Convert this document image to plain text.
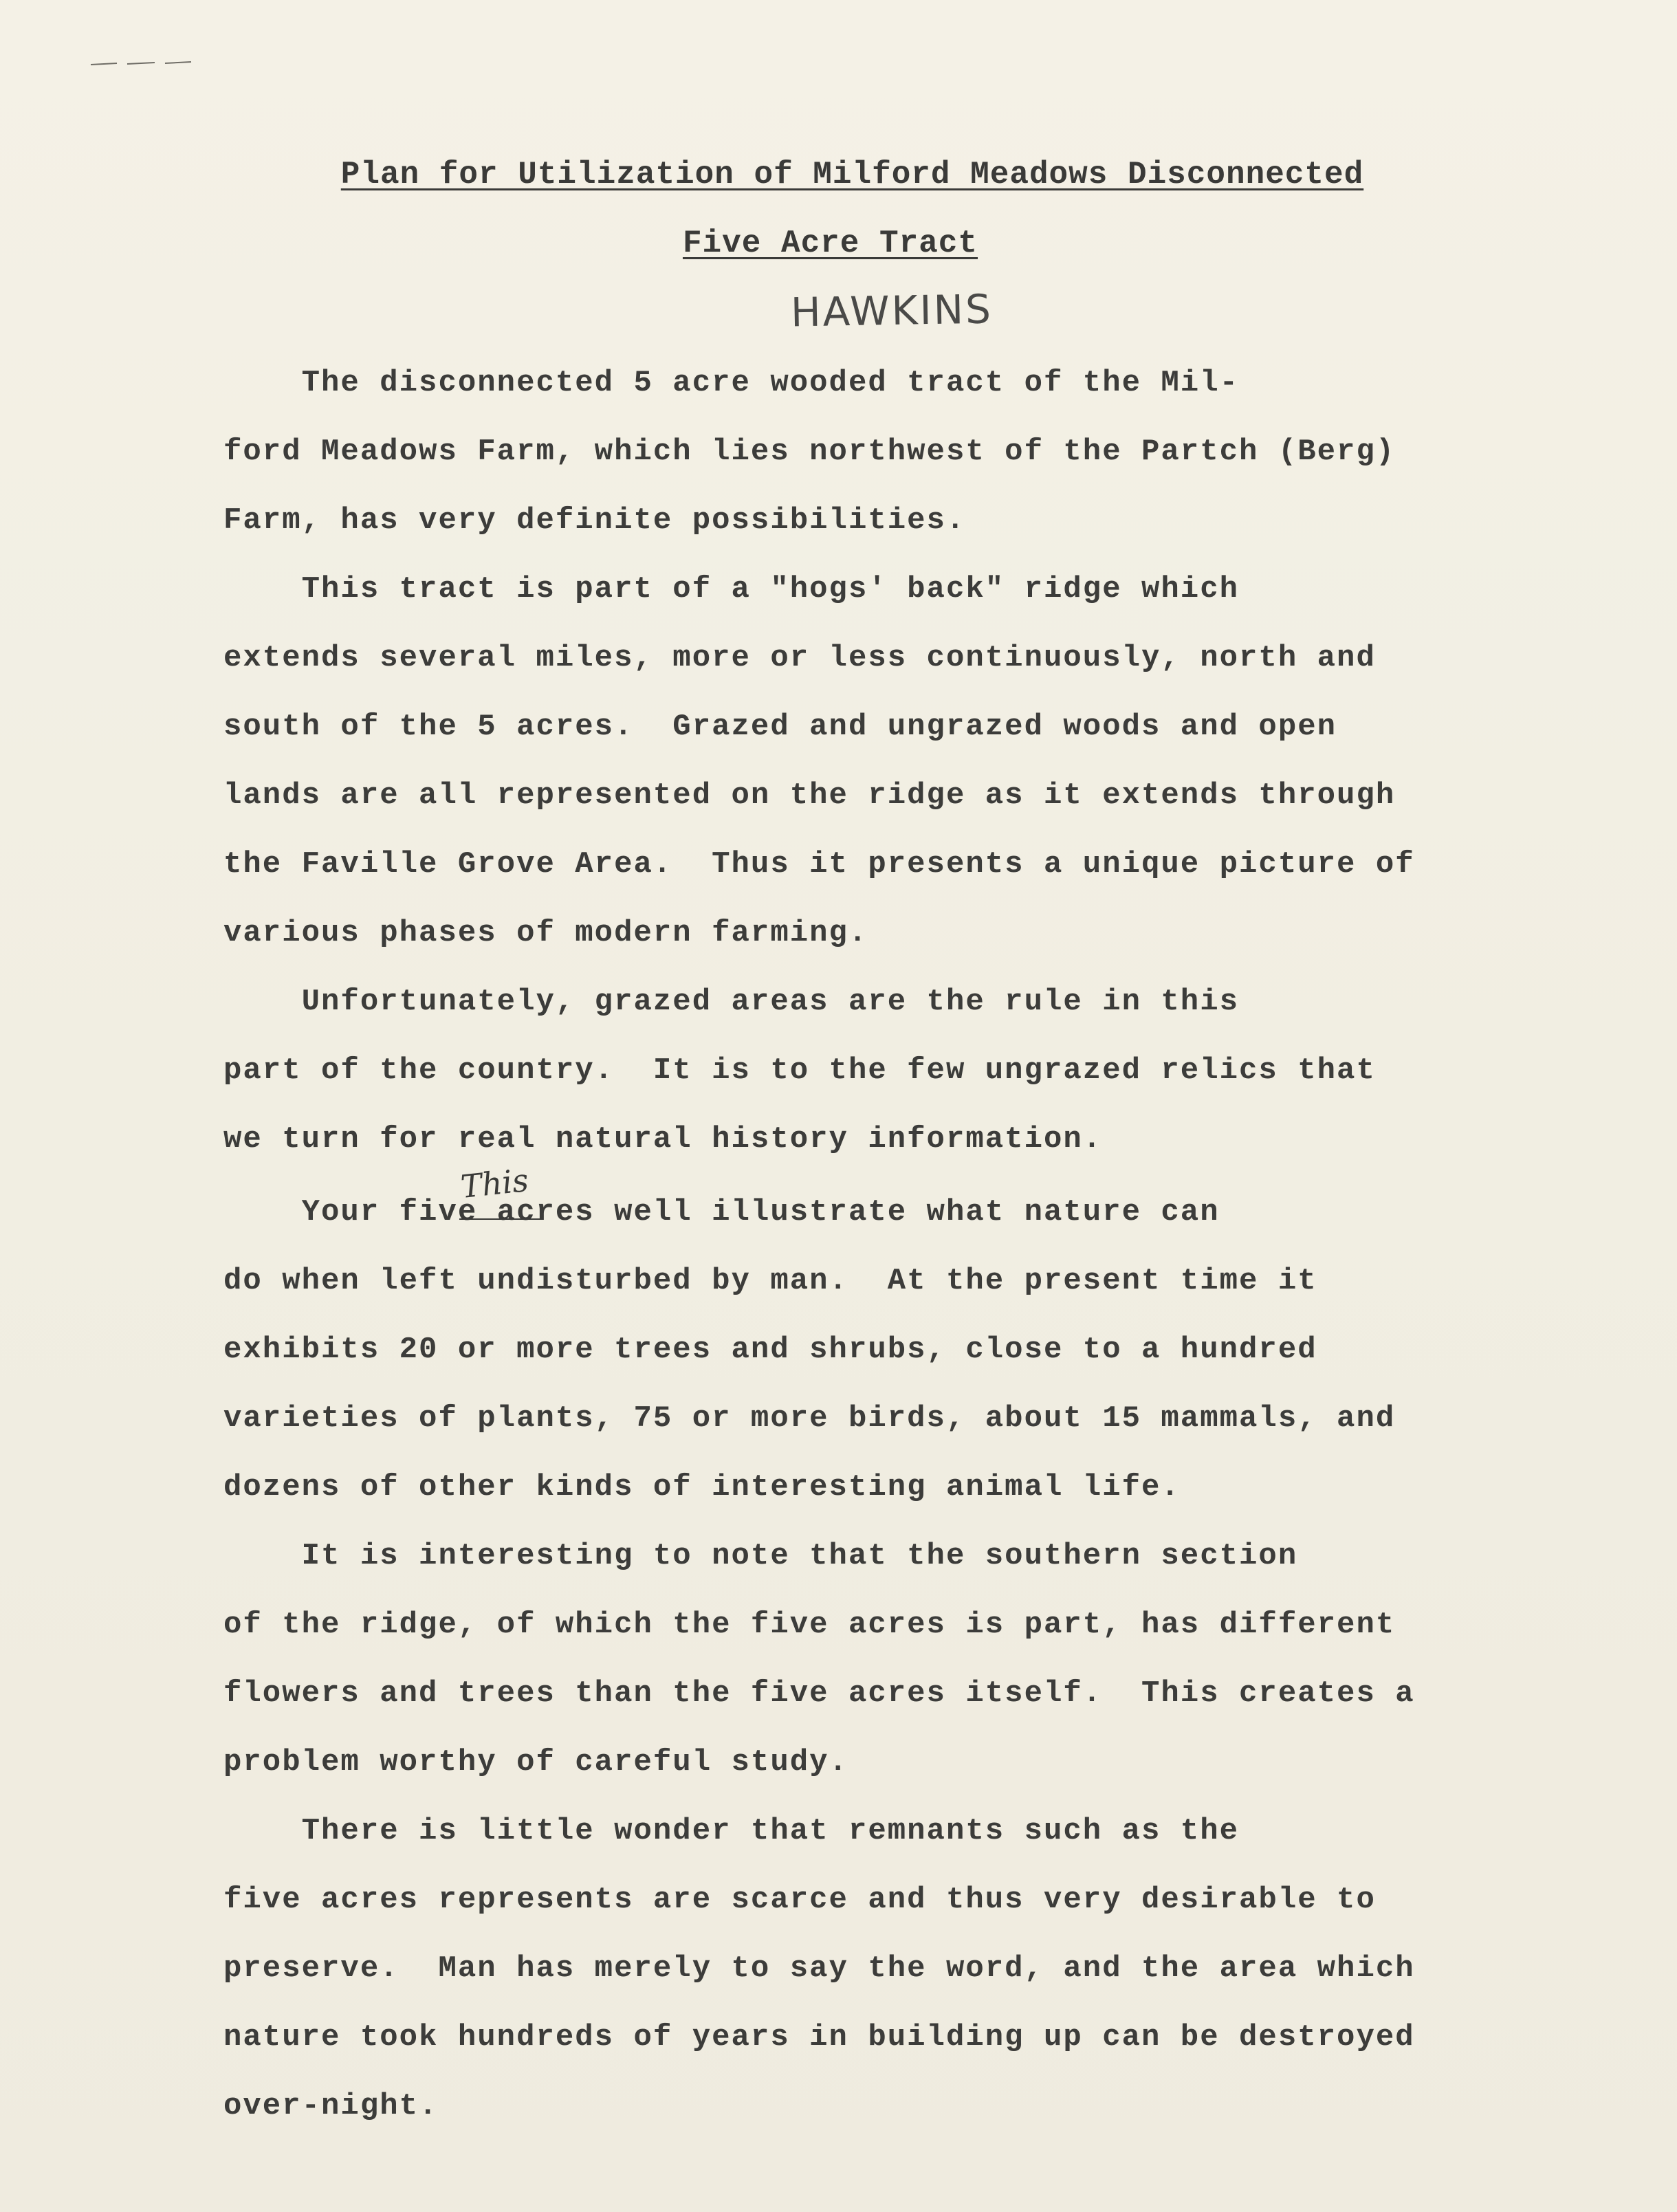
Plan for Utilization of Milford Meadows Disconnected
Five Acre Tract
HAWKINS
The disconnected 5 acre wooded tract of the Mil-
ford Meadows Farm, which lies northwest of the Partch (Berg)
Farm, has very definite possibilities.
This tract is part of a "hogs' back" ridge which
extends several miles, more or less continuously, north and
south of the 5 acres.  Grazed and ungrazed woods and open
lands are all represented on the ridge as it extends through
the Faville Grove Area.  Thus it presents a unique picture of
various phases of modern farming.
Unfortunately, grazed areas are the rule in this
part of the country.  It is to the few ungrazed relics that
we turn for real natural history information.
This
Your five acres well illustrate what nature can
do when left undisturbed by man.  At the present time it
exhibits 20 or more trees and shrubs, close to a hundred
varieties of plants, 75 or more birds, about 15 mammals, and
dozens of other kinds of interesting animal life.
It is interesting to note that the southern section
of the ridge, of which the five acres is part, has different
flowers and trees than the five acres itself.  This creates a
problem worthy of careful study.
There is little wonder that remnants such as the
five acres represents are scarce and thus very desirable to
preserve.  Man has merely to say the word, and the area which
nature took hundreds of years in building up can be destroyed
over-night.
